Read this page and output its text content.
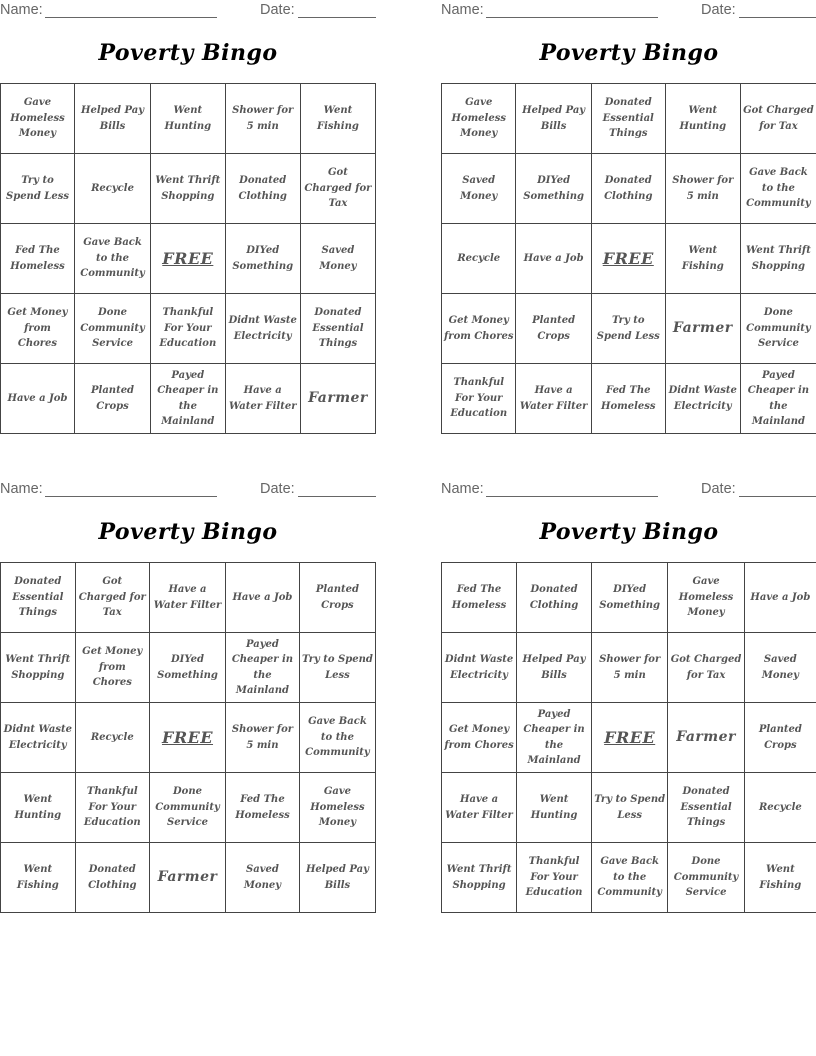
Name:	Date:
Poverty Bingo
Gave Homeless Money	Helped Pay Bills	Went Hunting	Shower for 5 min	Went Fishing
Try to Spend Less	Recycle	Went Thrift Shopping	Donated Clothing	Got Charged for Tax
Fed The Homeless	Gave Back to the Community	FREE	DIYed Something	Saved Money
Get Money from Chores	Done Community Service	Thankful For Your Education	Didnt Waste Electricity	Donated Essential Things
Have a Job	Planted Crops	Payed Cheaper in the Mainland	Have a Water Filter	Farmer
Name:	Date:
Poverty Bingo
Gave Homeless Money	Helped Pay Bills	Donated Essential Things	Went Hunting	Got Charged for Tax
Saved Money	DIYed Something	Donated Clothing	Shower for 5 min	Gave Back to the Community
Recycle	Have a Job	FREE	Went Fishing	Went Thrift Shopping
Get Money from Chores	Planted Crops	Try to Spend Less	Farmer	Done Community Service
Thankful For Your Education	Have a Water Filter	Fed The Homeless	Didnt Waste Electricity	Payed Cheaper in the Mainland
Name:	Date:
Poverty Bingo
Donated Essential Things	Got Charged for Tax	Have a Water Filter	Have a Job	Planted Crops
Went Thrift Shopping	Get Money from Chores	DIYed Something	Payed Cheaper in the Mainland	Try to Spend Less
Didnt Waste Electricity	Recycle	FREE	Shower for 5 min	Gave Back to the Community
Went Hunting	Thankful For Your Education	Done Community Service	Fed The Homeless	Gave Homeless Money
Went Fishing	Donated Clothing	Farmer	Saved Money	Helped Pay Bills
Name:	Date:
Poverty Bingo
Fed The Homeless	Donated Clothing	DIYed Something	Gave Homeless Money	Have a Job
Didnt Waste Electricity	Helped Pay Bills	Shower for 5 min	Got Charged for Tax	Saved Money
Get Money from Chores	Payed Cheaper in the Mainland	FREE	Farmer	Planted Crops
Have a Water Filter	Went Hunting	Try to Spend Less	Donated Essential Things	Recycle
Went Thrift Shopping	Thankful For Your Education	Gave Back to the Community	Done Community Service	Went Fishing
